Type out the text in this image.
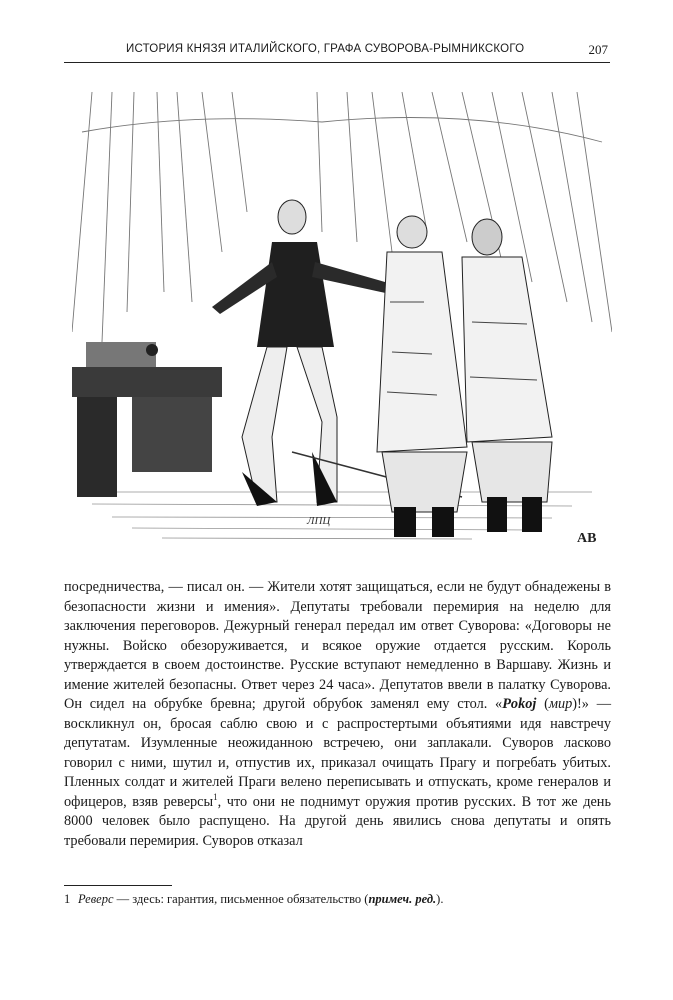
ИСТОРИЯ КНЯЗЯ ИТАЛИЙСКОГО, ГРАФА СУВОРОВА-РЫМНИКСКОГО	207
ЛПЦ
АВ

посредничества, — писал он. — Жители хотят защищаться, если не будут обнадежены в безопасности жизни и имения». Депутаты требовали перемирия на неделю для заключения переговоров. Дежурный генерал передал им ответ Суворова: «Договоры не нужны. Войско обезоруживается, и всякое оружие отдается русским. Король утверждается в своем достоинстве. Русские вступают немедленно в Варшаву. Жизнь и имение жителей безопасны. Ответ через 24 часа». Депутатов ввели в палатку Суворова. Он сидел на обрубке бревна; другой обрубок заменял ему стол. «Pokoj (мир)!» — воскликнул он, бросая саблю свою и с распростертыми объятиями идя навстречу депутатам. Изумленные неожиданною встречею, они заплакали. Суворов ласково говорил с ними, шутил и, отпустив их, приказал очищать Прагу и погребать убитых. Пленных солдат и жителей Праги велено переписывать и отпускать, кроме генералов и офицеров, взяв реверсы$^1$, что они не поднимут оружия против русских. В тот же день 8000 человек было распущено. На другой день явились снова депутаты и опять требовали перемирия. Суворов отказал

1 Реверс — здесь: гарантия, письменное обязательство (примеч. ред.).
